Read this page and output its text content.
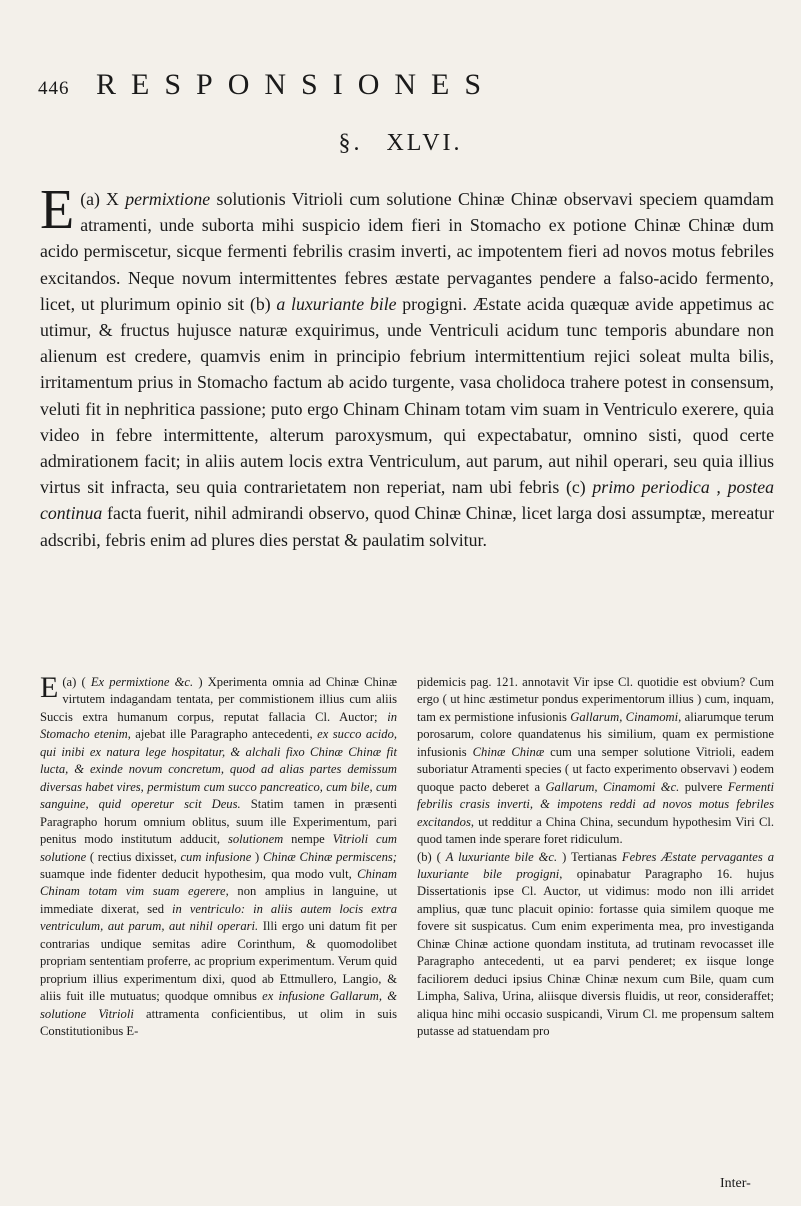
446 RESPONSIONES
§. XLVI.
(a)
E X permixtione solutionis Vitrioli cum solutione Chinæ Chinæ observavi speciem quamdam atramenti, unde suborta mihi suspicio idem fieri in Stomacho ex potione Chinæ Chinæ dum acido permiscetur, sicque fermenti febrilis crasim inverti, ac impotentem fieri ad novos motus febriles excitandos. Neque novum intermittentes febres æstate pervagantes pendere a falso-acido fermento, licet, ut plurimum opinio sit (b) a luxuriante bile progigni. Æstate acida quæquæ avide appetimus ac utimur, & fructus hujusce naturæ exquirimus, unde Ventriculi acidum tunc temporis abundare non alienum est credere, quamvis enim in principio febrium intermittentium rejici soleat multa bilis, irritamentum prius in Stomacho factum ab acido turgente, vasa cholidoca trahere potest in consensum, veluti fit in nephritica passione; puto ergo Chinam Chinam totam vim suam in Ventriculo exerere, quia video in febre intermittente, alterum paroxysmum, qui expectabatur, omnino sisti, quod certe admirationem facit; in aliis autem locis extra Ventriculum, aut parum, aut nihil operari, seu quia illius virtus sit infracta, seu quia contrarietatem non reperiat, nam ubi febris (c) primo periodica , postea continua facta fuerit, nihil admirandi observo, quod Chinæ Chinæ, licet larga dosi assumptæ, mereatur adscribi, febris enim ad plures dies perstat & paulatim solvitur.
(a) ( Ex permixtione &c. )
E	Xperimenta omnia ad Chinæ Chinæ virtutem indagandam tentata, per commistionem illius cum aliis Succis extra humanum corpus, reputat fallacia Cl. Auctor; in Stomacho etenim, ajebat ille Paragrapho antecedenti, ex succo acido, qui inibi ex natura lege hospitatur, & alchali fixo Chinæ Chinæ fit lucta, & exinde novum concretum, quod ad alias partes demissum diversas habet vires, permistum cum succo pancreatico, cum bile, cum sanguine, quid operetur scit Deus. Statim tamen in præsenti Paragrapho horum omnium oblitus, suum ille Experimentum, pari penitus modo institutum adducit, solutionem nempe Vitrioli cum solutione ( rectius dixisset, cum infusione ) Chinæ Chinæ permiscens; suamque inde fidenter deducit hypothesim, qua modo vult, Chinam Chinam totam vim suam egerere, non amplius in languine, ut immediate dixerat, sed in ventriculo: in aliis autem locis extra ventriculum, aut parum, aut nihil operari. Illi ergo uni datum fit per contrarias undique semitas adire Corinthum, & quomodolibet propriam sententiam proferre, ac proprium experimentum. Verum quid proprium illius experimentum dixi, quod ab Ettmullero, Langio, & aliis fuit ille mutuatus; quodque omnibus ex infusione Gallarum, & solutione Vitrioli attramenta conficientibus, ut olim in suis Constitutionibus E-
pidemicis pag. 121. annotavit Vir ipse Cl. quotidie est obvium? Cum ergo ( ut hinc æstimetur pondus experimentorum illius ) cum, inquam, tam ex permistione infusionis Gallarum, Cinamomi, aliarumque terum porosarum, colore quandatenus his similium, quam ex permistione infusionis Chinæ Chinæ cum una semper solutione Vitrioli, eadem suboriatur Atramenti species ( ut facto experimento observavi ) eodem quoque pacto deberet a Gallarum, Cinamomi &c. pulvere Fermenti febrilis crasis inverti, & impotens reddi ad novos motus febriles excitandos, ut redditur a China China, secundum hypothesim Viri Cl. quod tamen inde sperare foret ridiculum.
(b) ( A luxuriante bile &c. ) Tertianas Febres Æstate pervagantes a luxuriante bile progigni, opinabatur Paragrapho 16. hujus Dissertationis ipse Cl. Auctor, ut vidimus: modo non illi arridet amplius, quæ tunc placuit opinio: fortasse quia similem quoque me fovere sit suspicatus. Cum enim experimenta mea, pro investiganda Chinæ Chinæ actione quondam instituta, ad trutinam revocasset ille Paragrapho antecedenti, ut ea parvi penderet; ex iisque longe faciliorem deduci ipsius Chinæ Chinæ nexum cum Bile, quam cum Limpha, Saliva, Urina, aliisque diversis fluidis, ut reor, consideraffet; aliqua hinc mihi occasio suspicandi, Virum Cl. me propensum saltem putasse ad statuendam pro
Inter-
